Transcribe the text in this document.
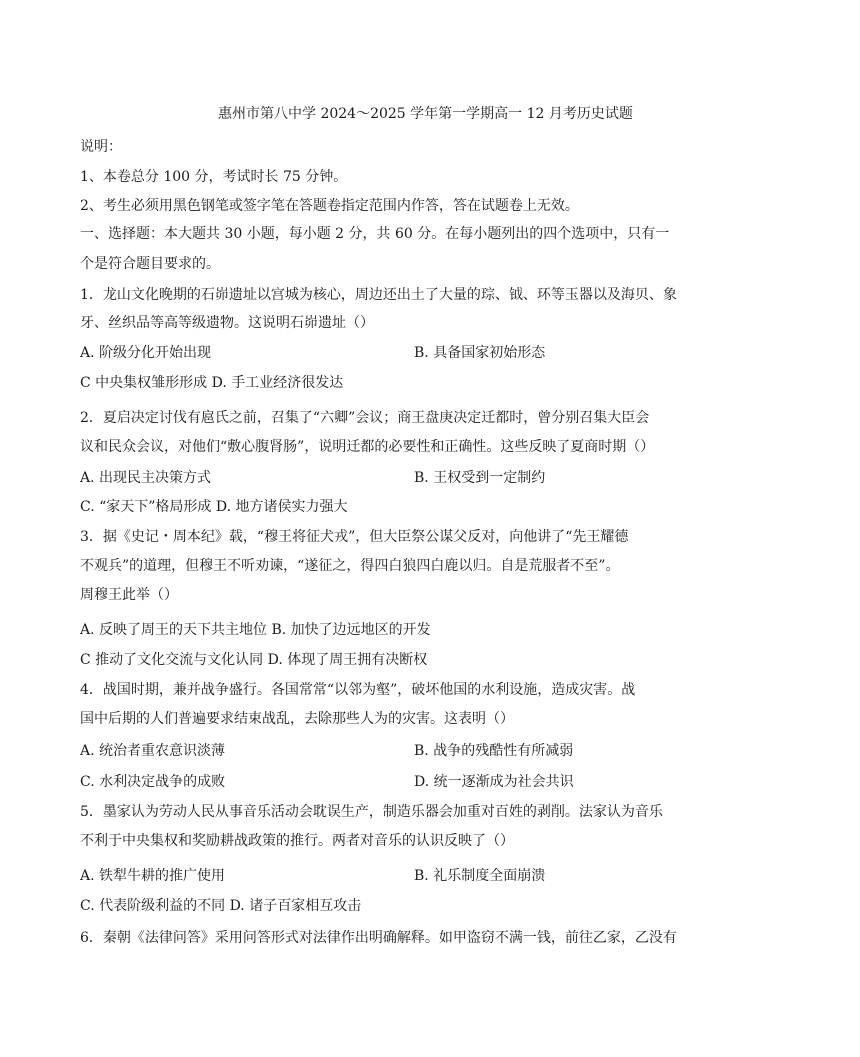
惠州市第八中学 2024～2025 学年第一学期高一 12 月考历史试题
说明：
1、本卷总分 100 分，考试时长 75 分钟。
2、考生必须用黑色钢笔或签字笔在答题卷指定范围内作答，答在试题卷上无效。
一、选择题：本大题共 30 小题，每小题 2 分，共 60 分。在每小题列出的四个选项中，只有一
个是符合题目要求的。
1．龙山文化晚期的石峁遗址以宫城为核心，周边还出土了大量的琮、钺、环等玉器以及海贝、象
牙、丝织品等高等级遗物。这说明石峁遗址（）
A. 阶级分化开始出现	B. 具备国家初始形态
C 中央集权雏形形成 D. 手工业经济很发达
2．夏启决定讨伐有扈氏之前，召集了“六卿”会议；商王盘庚决定迁都时，曾分别召集大臣会
议和民众会议，对他们“敷心腹肾肠”，说明迁都的必要性和正确性。这些反映了夏商时期（）
A. 出现民主决策方式	B. 王权受到一定制约
C. “家天下”格局形成 D. 地方诸侯实力强大
3．据《史记・周本纪》载，“穆王将征犬戎”，但大臣祭公谋父反对，向他讲了“先王耀德
不观兵”的道理，但穆王不听劝谏，“遂征之，得四白狼四白鹿以归。自是荒服者不至”。
周穆王此举（）
A. 反映了周王的天下共主地位 B. 加快了边远地区的开发
C 推动了文化交流与文化认同 D. 体现了周王拥有决断权
4．战国时期，兼并战争盛行。各国常常“以邻为壑”，破坏他国的水利设施，造成灾害。战
国中后期的人们普遍要求结束战乱，去除那些人为的灾害。这表明（）
A. 统治者重农意识淡薄	B. 战争的残酷性有所减弱
C. 水利决定战争的成败	D. 统一逐渐成为社会共识
5．墨家认为劳动人民从事音乐活动会耽误生产，制造乐器会加重对百姓的剥削。法家认为音乐
不利于中央集权和奖励耕战政策的推行。两者对音乐的认识反映了（）
A. 铁犁牛耕的推广使用	B. 礼乐制度全面崩溃
C. 代表阶级利益的不同 D. 诸子百家相互攻击
6．秦朝《法律问答》采用问答形式对法律作出明确解释。如甲盗窃不满一钱，前往乙家，乙没有
